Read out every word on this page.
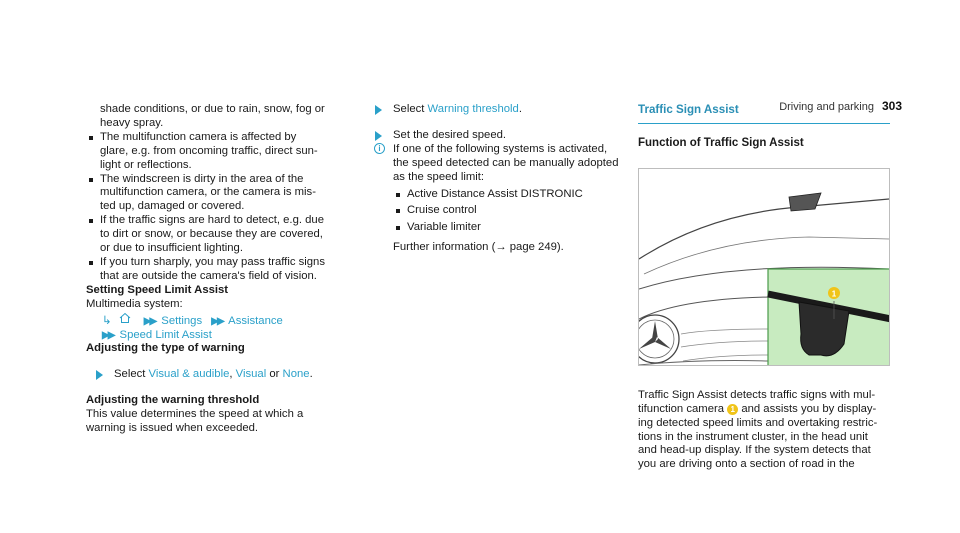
Driving and parking 303

shade conditions, or due to rain, snow, fog or

heavy spray.

The multifunction camera is affected by

glare, e.g. from oncoming traffic, direct sun-

light or reflections.

The windscreen is dirty in the area of the

multifunction camera, or the camera is mis-

ted up, damaged or covered.

If the traffic signs are hard to detect, e.g. due

to dirt or snow, or because they are covered,

or due to insufficient lighting.

If you turn sharply, you may pass traffic signs

that are outside the camera's field of vision.

Setting Speed Limit Assist

Multimedia system:

↳	▶▶ Settings ▶▶ Assistance
▶▶ Speed Limit Assist

Adjusting the type of warning

Select Visual & audible, Visual or None.

Adjusting the warning threshold

This value determines the speed at which a

warning is issued when exceeded.

Select Warning threshold.
Set the desired speed.
i	If one of the following systems is activated,

the speed detected can be manually adopted

as the speed limit:

Active Distance Assist DISTRONIC
Cruise control
Variable limiter

Further information (→ page 249).

Traffic Sign Assist
Function of Traffic Sign Assist
1

Traffic Sign Assist detects traffic signs with mul-

tifunction camera 1 and assists you by display-

ing detected speed limits and overtaking restric-

tions in the instrument cluster, in the head unit

and head-up display. If the system detects that

you are driving onto a section of road in the
